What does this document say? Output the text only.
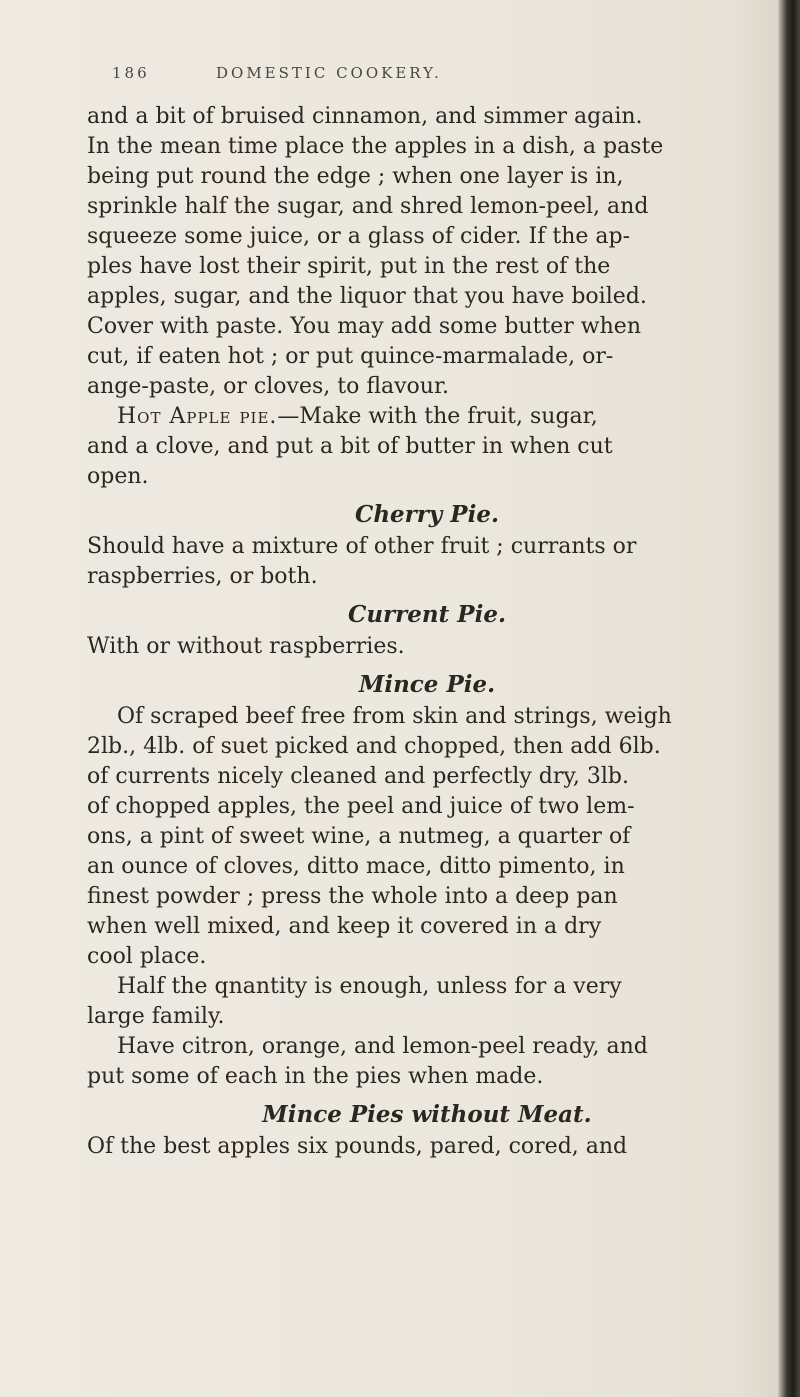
186	DOMESTIC COOKERY.
and a bit of bruised cinnamon, and simmer again.
In the mean time place the apples in a dish, a paste
being put round the edge ; when one layer is in,
sprinkle half the sugar, and shred lemon-peel, and
squeeze some juice, or a glass of cider. If the ap-
ples have lost their spirit, put in the rest of the
apples, sugar, and the liquor that you have boiled.
Cover with paste. You may add some butter when
cut, if eaten hot ; or put quince-marmalade, or-
ange-paste, or cloves, to flavour.
Hot Apple pie.—Make with the fruit, sugar,
and a clove, and put a bit of butter in when cut
open.
Cherry Pie.
Should have a mixture of other fruit ; currants or
raspberries, or both.
Current Pie.
With or without raspberries.
Mince Pie.
Of scraped beef free from skin and strings, weigh
2lb., 4lb. of suet picked and chopped, then add 6lb.
of currents nicely cleaned and perfectly dry, 3lb.
of chopped apples, the peel and juice of two lem-
ons, a pint of sweet wine, a nutmeg, a quarter of
an ounce of cloves, ditto mace, ditto pimento, in
finest powder ; press the whole into a deep pan
when well mixed, and keep it covered in a dry
cool place.
Half the qnantity is enough, unless for a very
large family.
Have citron, orange, and lemon-peel ready, and
put some of each in the pies when made.
Mince Pies without Meat.
Of the best apples six pounds, pared, cored, and
